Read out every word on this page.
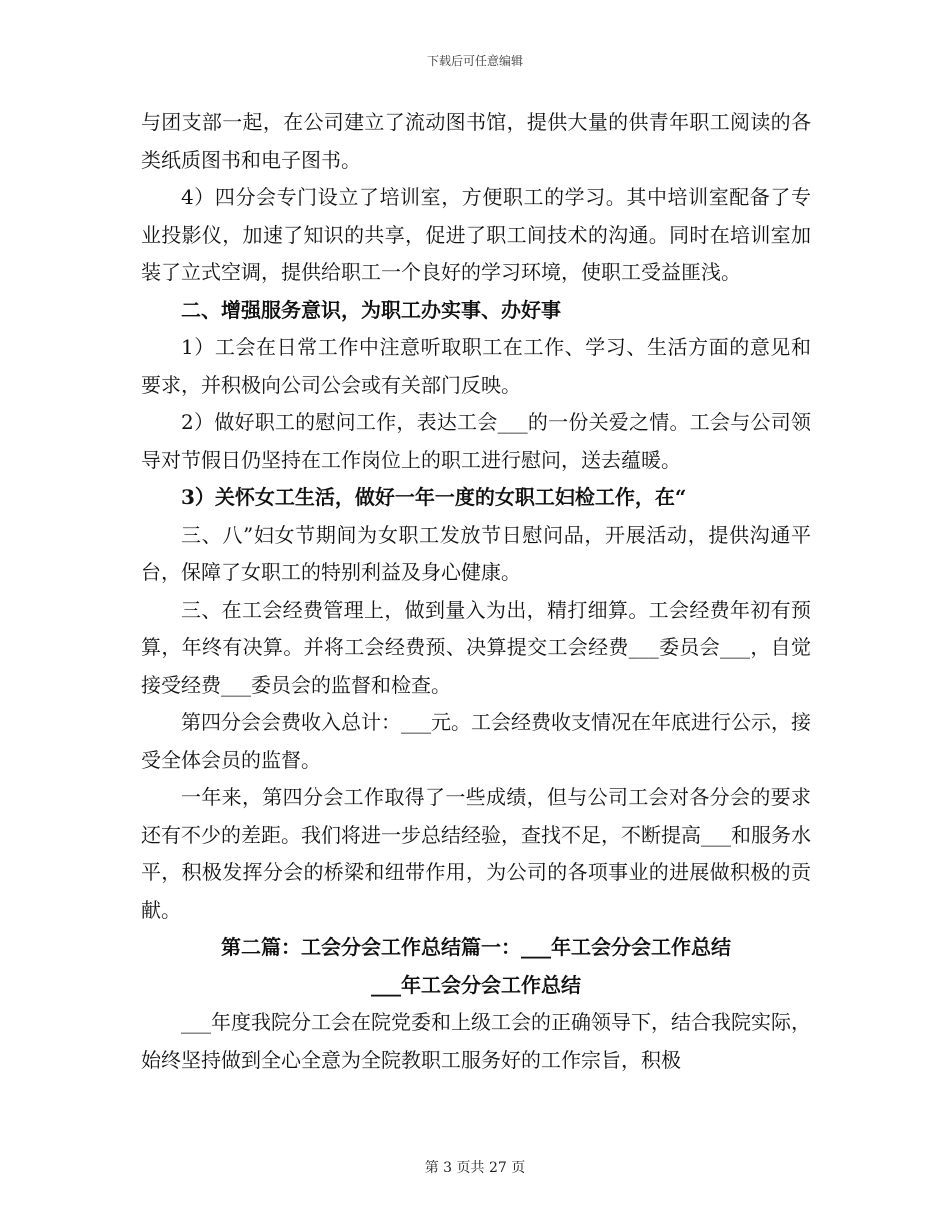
下载后可任意编辑

与团支部一起，在公司建立了流动图书馆，提供大量的供青年职工阅读的各类纸质图书和电子图书。

4）四分会专门设立了培训室，方便职工的学习。其中培训室配备了专业投影仪，加速了知识的共享，促进了职工间技术的沟通。同时在培训室加装了立式空调，提供给职工一个良好的学习环境，使职工受益匪浅。

二、增强服务意识，为职工办实事、办好事

1）工会在日常工作中注意听取职工在工作、学习、生活方面的意见和要求，并积极向公司公会或有关部门反映。

2）做好职工的慰问工作，表达工会___的一份关爱之情。工会与公司领导对节假日仍坚持在工作岗位上的职工进行慰问，送去蕴暖。

3）关怀女工生活，做好一年一度的女职工妇检工作，在“

三、八”妇女节期间为女职工发放节日慰问品，开展活动，提供沟通平台，保障了女职工的特别利益及身心健康。

三、在工会经费管理上，做到量入为出，精打细算。工会经费年初有预算，年终有决算。并将工会经费预、决算提交工会经费___委员会___，自觉接受经费___委员会的监督和检查。

第四分会会费收入总计：___元。工会经费收支情况在年底进行公示，接受全体会员的监督。

一年来，第四分会工作取得了一些成绩，但与公司工会对各分会的要求还有不少的差距。我们将进一步总结经验，查找不足，不断提高___和服务水平，积极发挥分会的桥梁和纽带作用，为公司的各项事业的进展做积极的贡献。

第二篇：工会分会工作总结篇一：___年工会分会工作总结

___年工会分会工作总结

___年度我院分工会在院党委和上级工会的正确领导下，结合我院实际，始终坚持做到全心全意为全院教职工服务好的工作宗旨，积极

第 3 页共 27 页
